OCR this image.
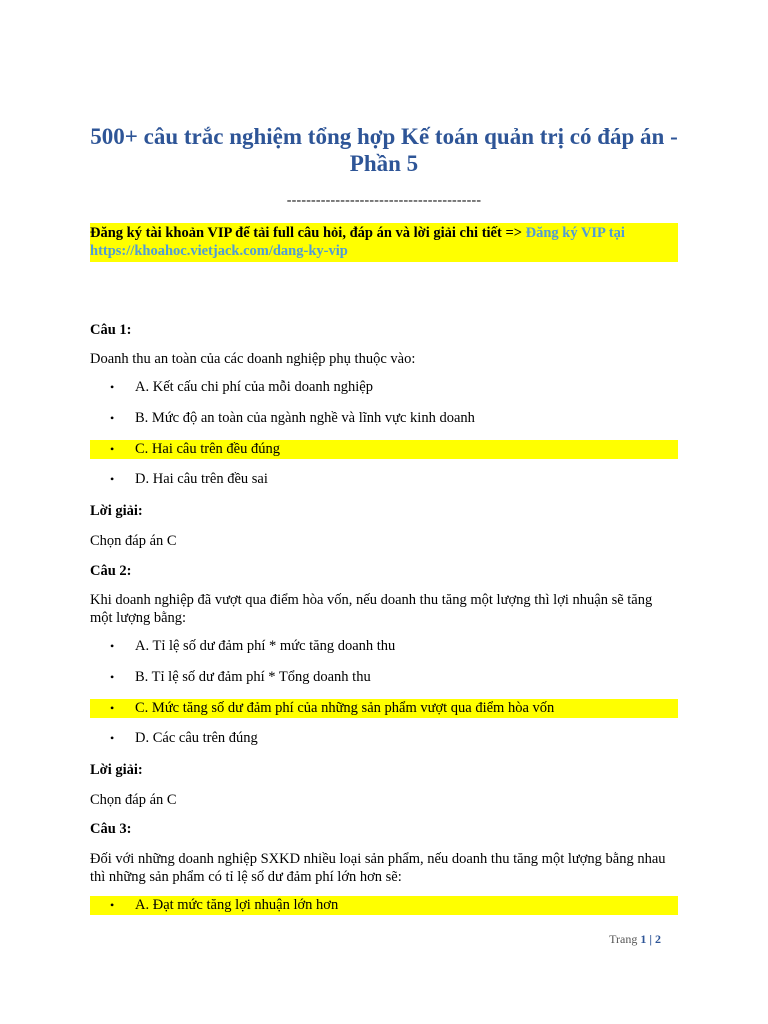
500+ câu trắc nghiệm tổng hợp Kế toán quản trị có đáp án - Phần 5
----------------------------------------
Đăng ký tài khoản VIP để tải full câu hỏi, đáp án và lời giải chi tiết => Đăng ký VIP tại https://khoahoc.vietjack.com/dang-ky-vip
Câu 1:
Doanh thu an toàn của các doanh nghiệp phụ thuộc vào:
• A. Kết cấu chi phí của mỗi doanh nghiệp
• B. Mức độ an toàn của ngành nghề và lĩnh vực kinh doanh
• C. Hai câu trên đều đúng
• D. Hai câu trên đều sai
Lời giải:
Chọn đáp án C
Câu 2:
Khi doanh nghiệp đã vượt qua điểm hòa vốn, nếu doanh thu tăng một lượng thì lợi nhuận sẽ tăng một lượng bằng:
• A. Tỉ lệ số dư đảm phí * mức tăng doanh thu
• B. Tỉ lệ số dư đảm phí * Tổng doanh thu
• C. Mức tăng số dư đảm phí của những sản phẩm vượt qua điểm hòa vốn
• D. Các câu trên đúng
Lời giải:
Chọn đáp án C
Câu 3:
Đối với những doanh nghiệp SXKD nhiều loại sản phẩm, nếu doanh thu tăng một lượng bằng nhau thì những sản phẩm có tỉ lệ số dư đảm phí lớn hơn sẽ:
• A. Đạt mức tăng lợi nhuận lớn hơn
Trang 1 | 2
